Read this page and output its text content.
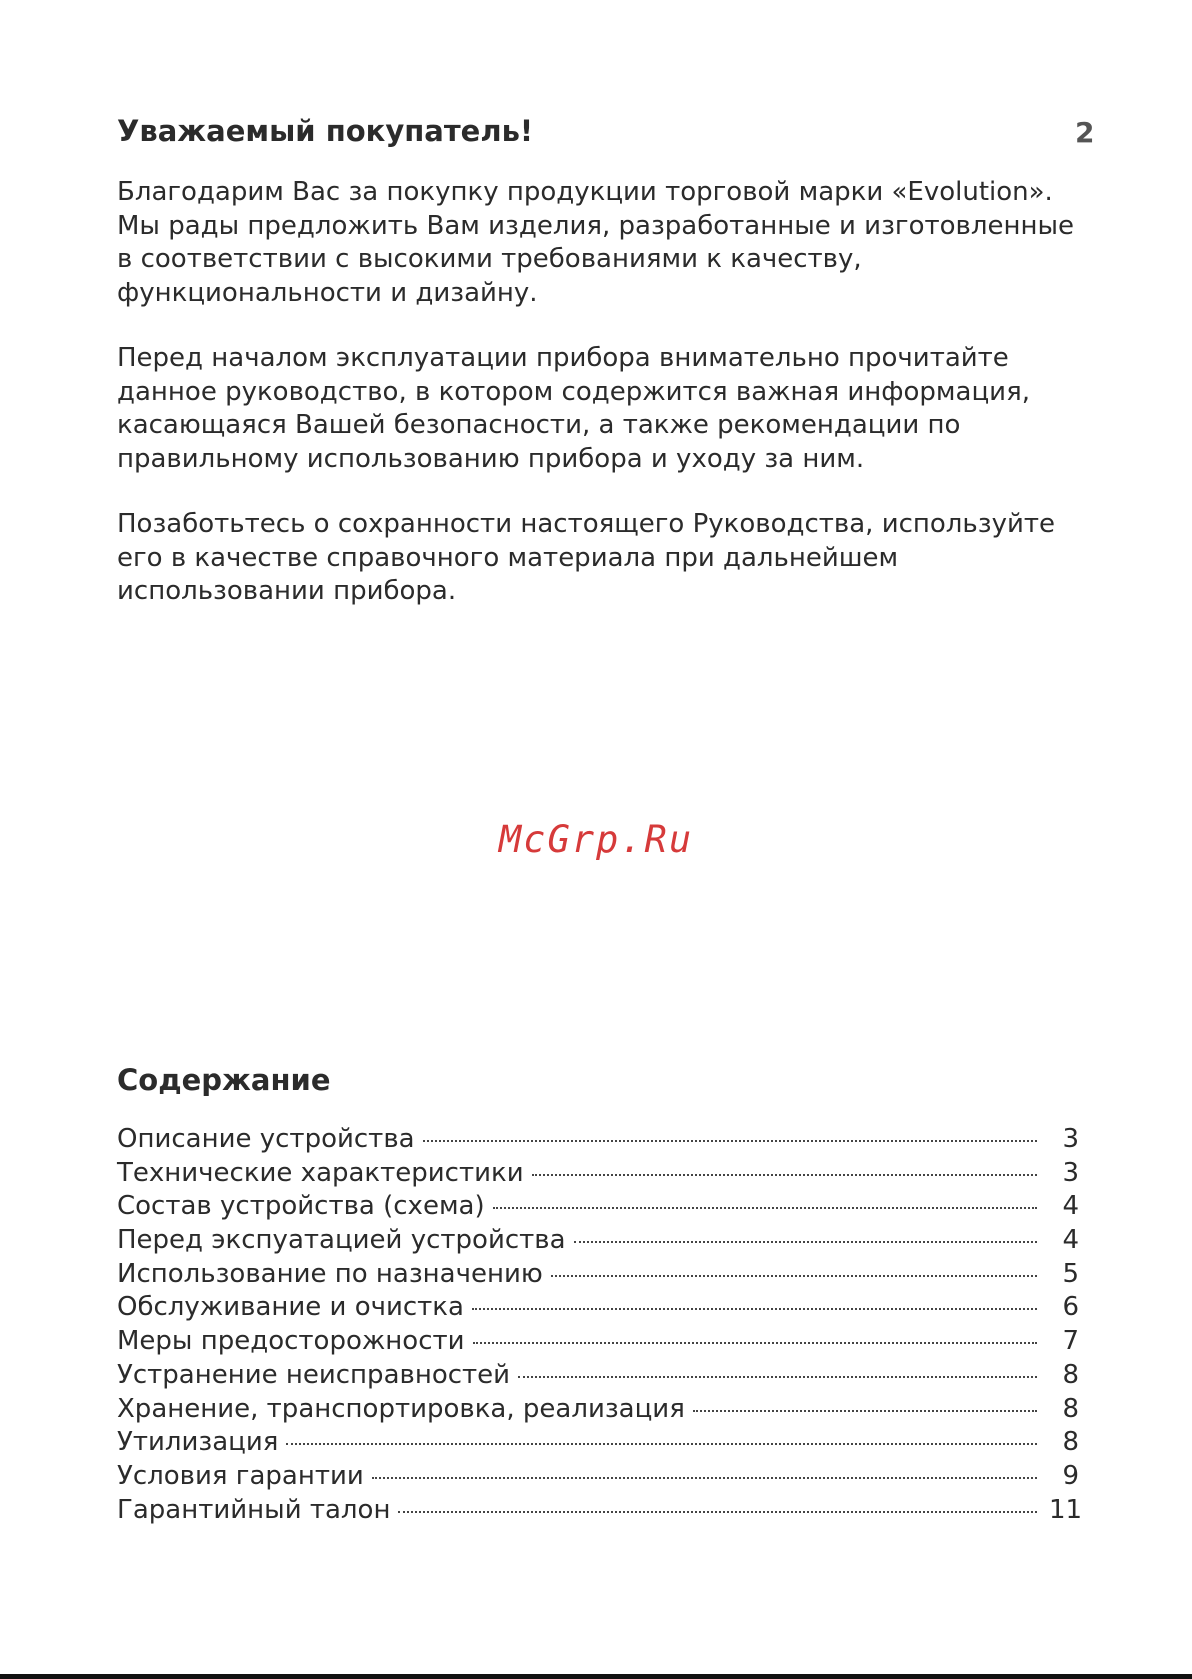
Уважаемый покупатель!	2

Благодарим Вас за покупку продукции торговой марки «Evolution». Мы рады предложить Вам изделия, разработанные и изготовленные в соответствии с высокими требованиями к качеству, функциональности и дизайну.

Перед началом эксплуатации прибора внимательно прочитайте данное руководство, в котором содержится важная информация, касающаяся Вашей безопасности, а также рекомендации по правильному использованию прибора и уходу за ним.

Позаботьтесь о сохранности настоящего Руководства, используйте его в качестве справочного материала при дальнейшем использовании прибора.

McGrp.Ru
Содержание
Описание устройства	3
Технические характеристики	3
Состав устройства (схема)	4
Перед экспуатацией устройства	4
Использование по назначению	5
Обслуживание и очистка	6
Меры предосторожности	7
Устранение неисправностей	8
Хранение, транспортировка, реализация	8
Утилизация	8
Условия гарантии	9
Гарантийный талон	11
